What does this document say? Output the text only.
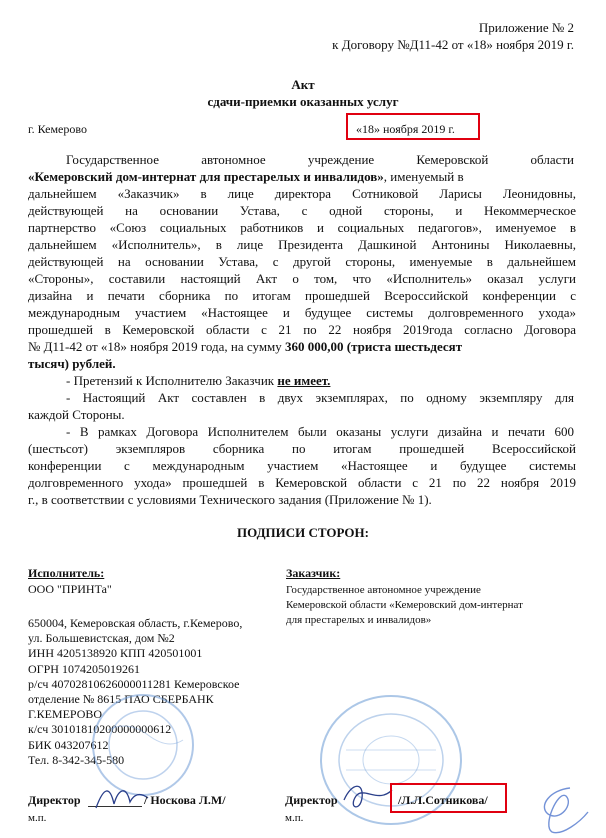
Приложение № 2
к Договору №Д11-42 от «18» ноября 2019 г.
Акт
сдачи-приемки оказанных услуг
г. Кемерово	«18» ноября 2019 г.
Государственное автономное учреждение Кемеровской области
«Кемеровский дом-интернат для престарелых и инвалидов», именуемый в
дальнейшем «Заказчик» в лице директора Сотниковой Ларисы Леонидовны,
действующей на основании Устава, с одной стороны, и Некоммерческое
партнерство «Союз социальных работников и социальных педагогов», именуемое в
дальнейшем «Исполнитель», в лице Президента Дашкиной Антонины Николаевны,
действующей на основании Устава, с другой стороны, именуемые в дальнейшем
«Стороны», составили настоящий Акт о том, что «Исполнитель» оказал услуги
дизайна и печати сборника по итогам прошедшей Всероссийской конференции с
международным участием «Настоящее и будущее системы долговременного ухода»
прошедшей в Кемеровской области с 21 по 22 ноября 2019года согласно Договора
№ Д11-42 от «18» ноября 2019 года, на сумму 360 000,00 (триста шестьдесят
тысяч) рублей.
- Претензий к Исполнителю Заказчик не имеет.
- Настоящий Акт составлен в двух экземплярах, по одному экземпляру для
каждой Стороны.
- В рамках Договора Исполнителем были оказаны услуги дизайна и печати 600
(шестьсот) экземпляров сборника по итогам прошедшей Всероссийской
конференции с международным участием «Настоящее и будущее системы
долговременного ухода» прошедшей в Кемеровской области с 21 по 22 ноября 2019
г., в соответствии с условиями Технического задания (Приложение № 1).
ПОДПИСИ СТОРОН:
Исполнитель:
ООО "ПРИНТа"
650004, Кемеровская область, г.Кемерово,
ул. Большевистская, дом №2
ИНН 4205138920 КПП 420501001
ОГРН 1074205019261
р/сч 40702810626000011281 Кемеровское
отделение № 8615 ПАО СБЕРБАНК
Г.КЕМЕРОВО
к/сч 30101810200000000612
БИК 043207612
Тел. 8-342-345-580
Директор	/ Носкова Л.М/
м.п.
Заказчик:
Государственное автономное учреждение
Кемеровской области «Кемеровский дом-интернат
для престарелых и инвалидов»
Директор	/Л.Л.Сотникова/
м.п.
